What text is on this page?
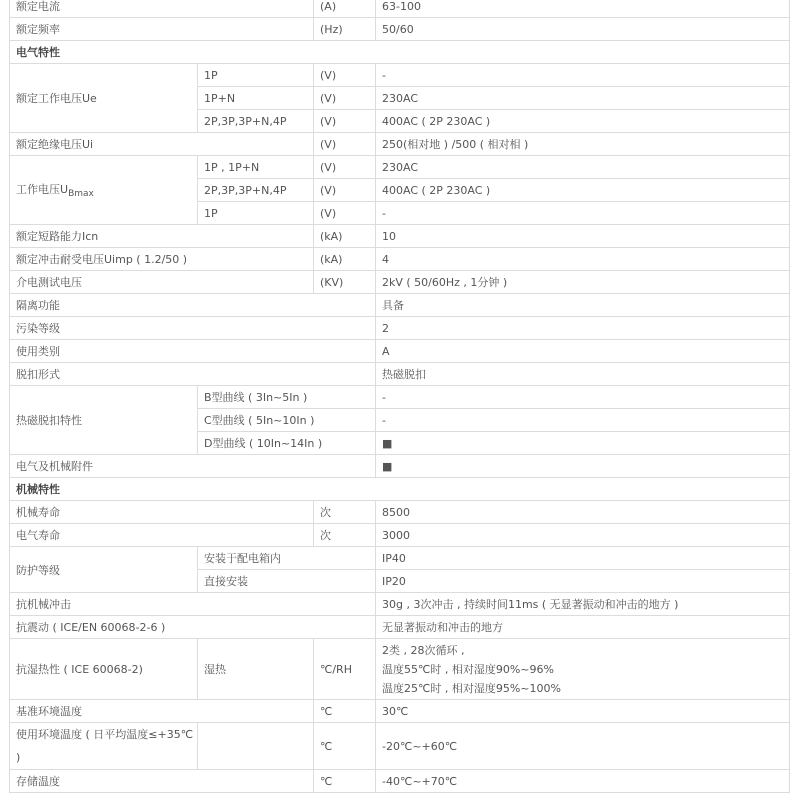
额定电流		(A)	63-100
额定频率		(Hz)	50/60
电气特性			
额定工作电压Ue	1P	(V)	-
	1P+N	(V)	230AC
	2P,3P,3P+N,4P	(V)	400AC ( 2P 230AC )
额定绝缘电压Ui		(V)	250(相对地 ) /500 ( 相对相 )
工作电压$U_{Bmax}$	1P , 1P+N	(V)	230AC
	2P,3P,3P+N,4P	(V)	400AC ( 2P 230AC )
	1P	(V)	-
额定短路能力Icn		(kA)	10
额定冲击耐受电压Uimp ( 1.2/50 )		(kA)	4
介电测试电压		(KV)	2kV ( 50/60Hz , 1分钟 )
隔离功能			具备
污染等级			2
使用类别			A
脱扣形式			热磁脱扣
热磁脱扣特性	B型曲线 ( 3In~5In )		-
	C型曲线 ( 5In~10In )		-
	D型曲线 ( 10In~14In )		■
电气及机械附件			■
机械特性			
机械寿命		次	8500
电气寿命		次	3000
防护等级	安装于配电箱内		IP40
	直接安装		IP20
抗机械冲击			30g , 3次冲击 , 持续时间11ms ( 无显著振动和冲击的地方 )
抗震动 ( ICE/EN 60068-2-6 )			无显著振动和冲击的地方
抗湿热性 ( ICE 60068-2)	湿热	℃/RH	2类 , 28次循环 ,
温度55℃时 , 相对湿度90%~96%
温度25℃时 , 相对湿度95%~100%

基准环境温度		℃	30℃
使用环境温度 ( 日平均温度≤+35℃ )		℃	-20℃~+60℃
存储温度		℃	-40℃~+70℃
